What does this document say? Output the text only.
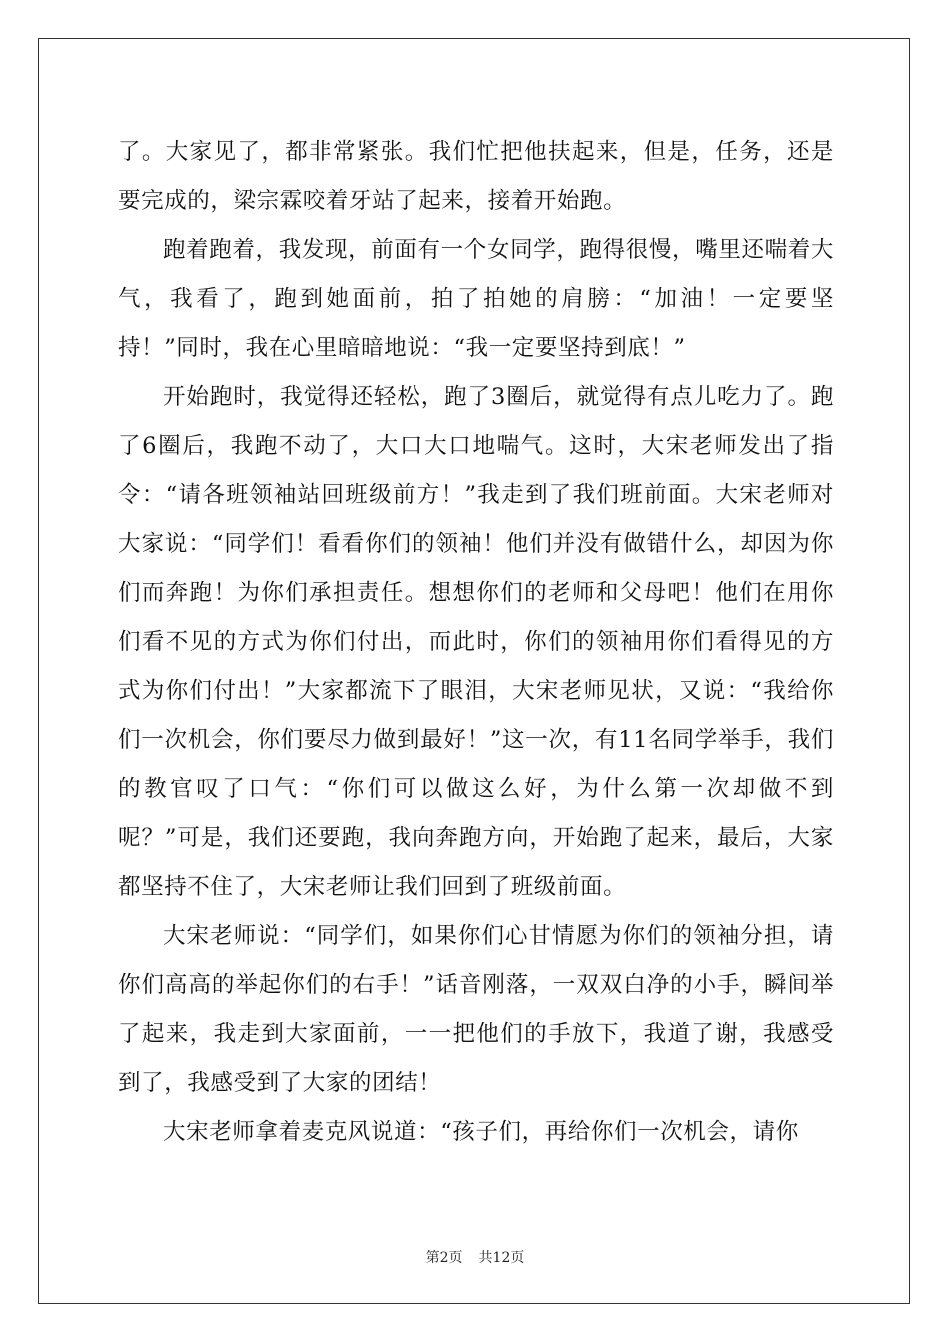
了。大家见了，都非常紧张。我们忙把他扶起来，但是，任务，还是要完成的，梁宗霖咬着牙站了起来，接着开始跑。

跑着跑着，我发现，前面有一个女同学，跑得很慢，嘴里还喘着大气，我看了，跑到她面前，拍了拍她的肩膀：“加油！一定要坚持！”同时，我在心里暗暗地说：“我一定要坚持到底！”

开始跑时，我觉得还轻松，跑了3圈后，就觉得有点儿吃力了。跑了6圈后，我跑不动了，大口大口地喘气。这时，大宋老师发出了指令：“请各班领袖站回班级前方！”我走到了我们班前面。大宋老师对大家说：“同学们！看看你们的领袖！他们并没有做错什么，却因为你们而奔跑！为你们承担责任。想想你们的老师和父母吧！他们在用你们看不见的方式为你们付出，而此时，你们的领袖用你们看得见的方式为你们付出！”大家都流下了眼泪，大宋老师见状，又说：“我给你们一次机会，你们要尽力做到最好！”这一次，有11名同学举手，我们的教官叹了口气：“你们可以做这么好，为什么第一次却做不到呢？”可是，我们还要跑，我向奔跑方向，开始跑了起来，最后，大家都坚持不住了，大宋老师让我们回到了班级前面。

大宋老师说：“同学们，如果你们心甘情愿为你们的领袖分担，请你们高高的举起你们的右手！”话音刚落，一双双白净的小手，瞬间举了起来，我走到大家面前，一一把他们的手放下，我道了谢，我感受到了，我感受到了大家的团结！

大宋老师拿着麦克风说道：“孩子们，再给你们一次机会，请你

第2页 共12页
